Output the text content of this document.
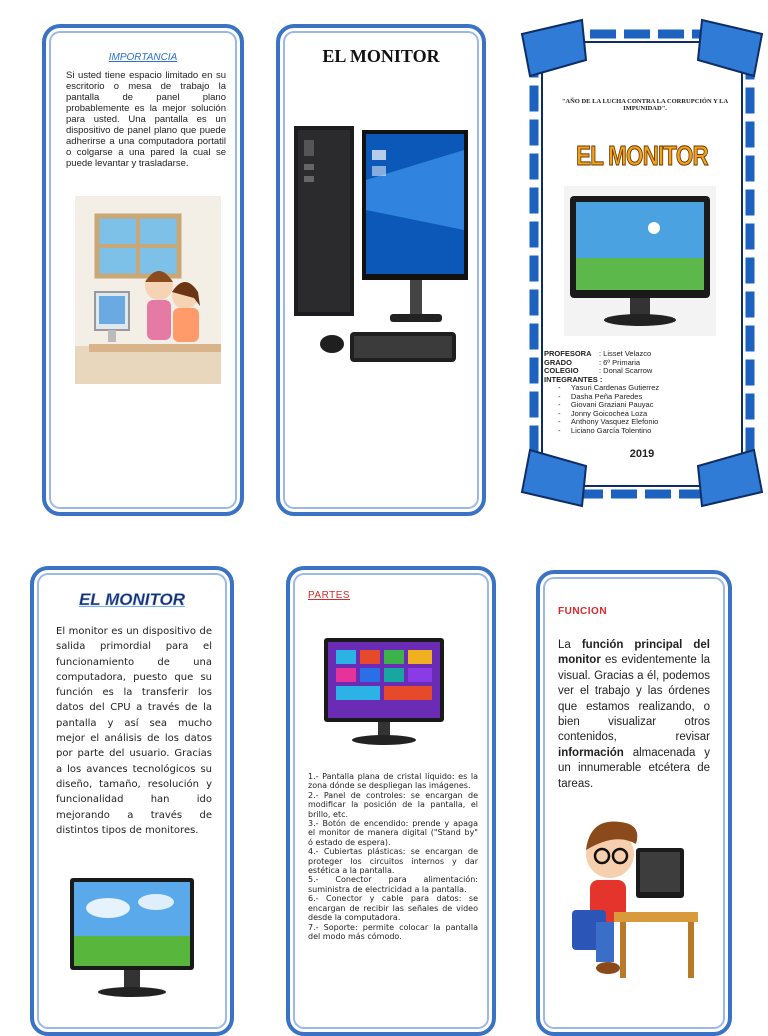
IMPORTANCIA
Si usted tiene espacio limitado en su escritorio o mesa de trabajo la pantalla de panel plano probablemente es la mejor solución para usted. Una pantalla es un dispositivo de panel plano que puede adherirse a una computadora portatil o colgarse a una pared la cual se puede levantar y trasladarse.
EL MONITOR
"AÑO DE LA LUCHA CONTRA LA CORRUPCIÓN Y LA IMPUNIDAD".
EL MONITOR
PROFESORA : Lisset Velazco
GRADO	: 6º Primaria
COLEGIO	: Donal Scarrow
INTEGRANTES :
-     Yasuri Cardenas Gutierrez
-     Dasha Peña Paredes
-     Giovani Graziani Pauyac
-     Jonny Goicochea Loza
-     Anthony Vasquez Elefonio
-     Liciano García Tolentino
2019
EL MONITOR
El monitor es un dispositivo de salida primordial para el funcionamiento de una computadora, puesto que su función es la transferir los datos del CPU a través de la pantalla y así sea mucho mejor el análisis de los datos por parte del usuario. Gracias a los avances tecnológicos su diseño, tamaño, resolución y funcionalidad han ido mejorando a través de distintos tipos de monitores.
PARTES
1.- Pantalla plana de cristal líquido: es la zona dónde se despliegan las imágenes.
2.- Panel de controles: se encargan de modificar la posición de la pantalla, el brillo, etc.
3.- Botón de encendido: prende y apaga el monitor de manera digital ("Stand by" ó estado de espera).
4.- Cubiertas plásticas: se encargan de proteger los circuitos internos y dar estética a la pantalla.
5.- Conector para alimentación: suministra de electricidad a la pantalla.
6.- Conector y cable para datos: se encargan de recibir las señales de video desde la computadora.
7.- Soporte: permite colocar la pantalla del modo más cómodo.
FUNCION
La función principal del monitor es evidentemente la visual. Gracias a él, podemos ver el trabajo y las órdenes que estamos realizando, o bien visualizar otros contenidos, revisar información almacenada y un innumerable etcétera de tareas.
